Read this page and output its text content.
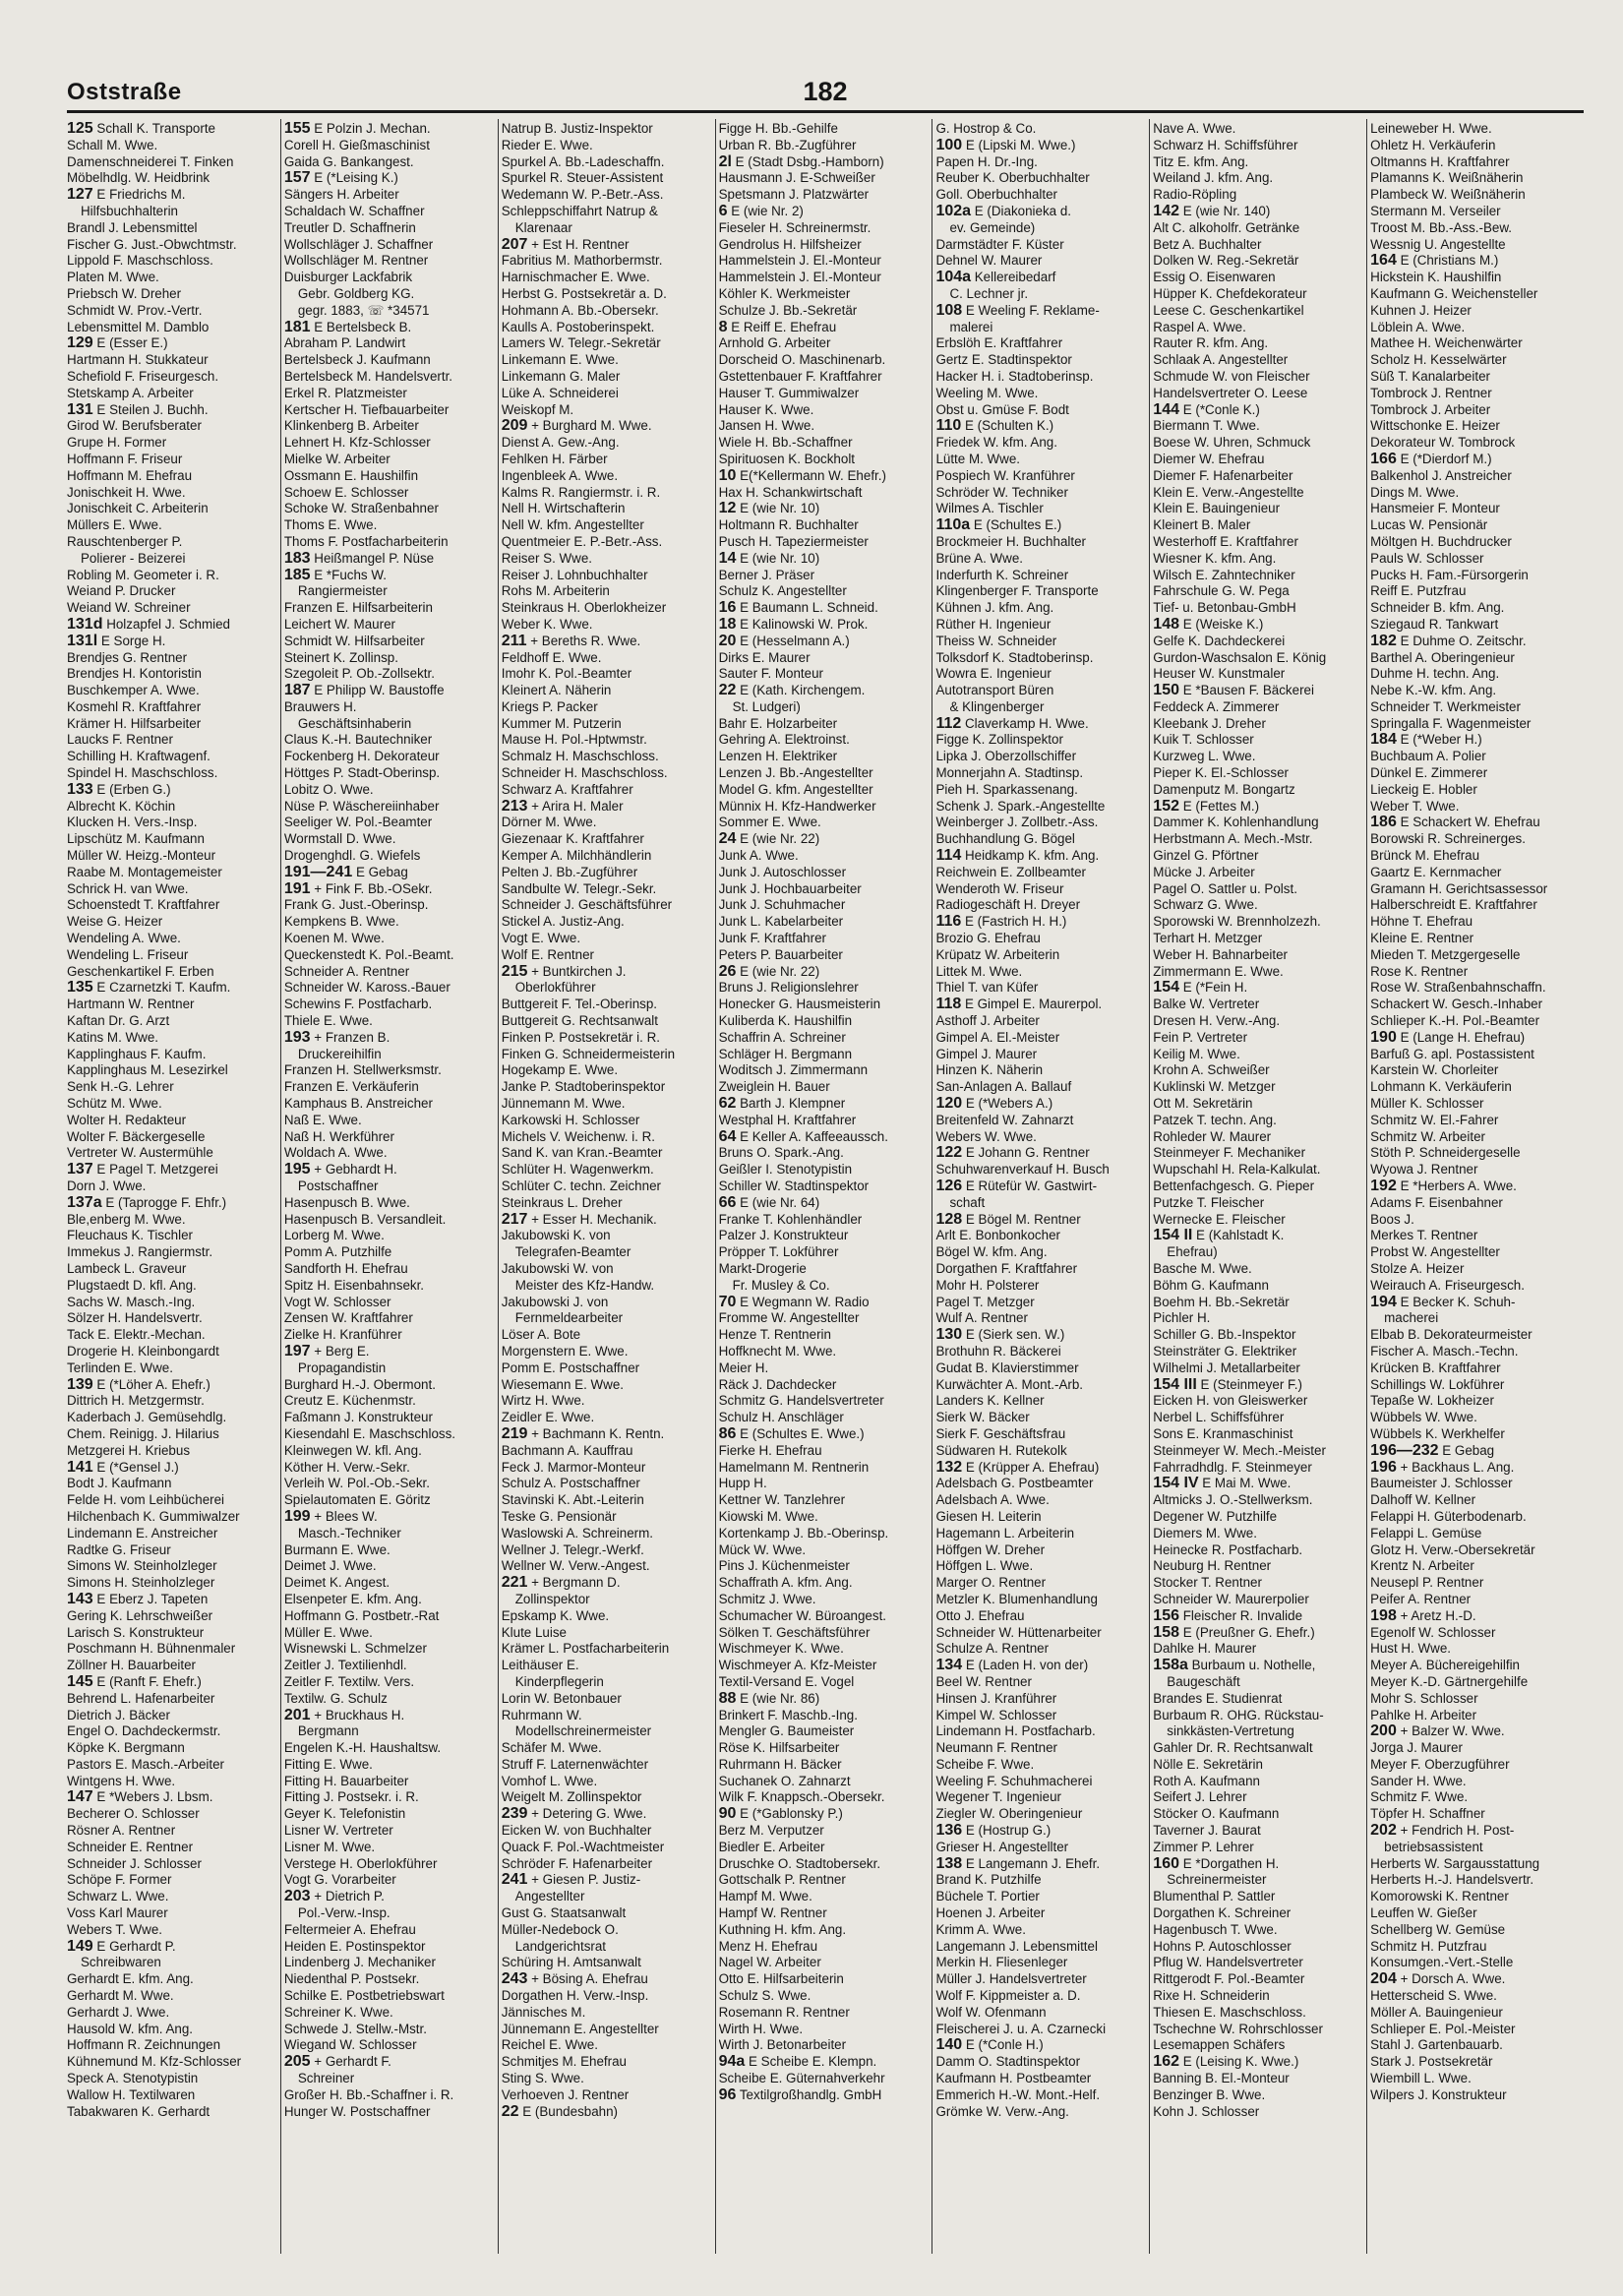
Oststraße	182
125 Schall K. Transporte
Schall M. Wwe.
Damenschneiderei T. Finken
Möbelhdlg. W. Heidbrink
127 E Friedrichs M.
Hilfsbuchhalterin
Brandl J. Lebensmittel
Fischer G. Just.-Obwchtmstr.
Lippold F. Maschschloss.
Platen M. Wwe.
Priebsch W. Dreher
Schmidt W. Prov.-Vertr.
Lebensmittel M. Damblo
129 E (Esser E.)
Hartmann H. Stukkateur
Schefiold F. Friseurgesch.
Stetskamp A. Arbeiter
131 E Steilen J. Buchh.
Girod W. Berufsberater
Grupe H. Former
Hoffmann F. Friseur
Hoffmann M. Ehefrau
Jonischkeit H. Wwe.
Jonischkeit C. Arbeiterin
Müllers E. Wwe.
Rauschtenberger P.
Polierer - Beizerei
Robling M. Geometer i. R.
Weiand P. Drucker
Weiand W. Schreiner
131d Holzapfel J. Schmied
131l E Sorge H.
Brendjes G. Rentner
Brendjes H. Kontoristin
Buschkemper A. Wwe.
Kosmehl R. Kraftfahrer
Krämer H. Hilfsarbeiter
Laucks F. Rentner
Schilling H. Kraftwagenf.
Spindel H. Maschschloss.
133 E (Erben G.)
Albrecht K. Köchin
Klucken H. Vers.-Insp.
Lipschütz M. Kaufmann
Müller W. Heizg.-Monteur
Raabe M. Montagemeister
Schrick H. van Wwe.
Schoenstedt T. Kraftfahrer
Weise G. Heizer
Wendeling A. Wwe.
Wendeling L. Friseur
Geschenkartikel F. Erben
135 E Czarnetzki T. Kaufm.
Hartmann W. Rentner
Kaftan Dr. G. Arzt
Katins M. Wwe.
Kapplinghaus F. Kaufm.
Kapplinghaus M. Lesezirkel
Senk H.-G. Lehrer
Schütz M. Wwe.
Wolter H. Redakteur
Wolter F. Bäckergeselle
Vertreter W. Austermühle
137 E Pagel T. Metzgerei
Dorn J. Wwe.
137a E (Taprogge F. Ehfr.)
Ble,enberg M. Wwe.
Fleuchaus K. Tischler
Immekus J. Rangiermstr.
Lambeck L. Graveur
Plugstaedt D. kfl. Ang.
Sachs W. Masch.-Ing.
Sölzer H. Handelsvertr.
Tack E. Elektr.-Mechan.
Drogerie H. Kleinbongardt
Terlinden E. Wwe.
139 E (*Löher A. Ehefr.)
Dittrich H. Metzgermstr.
Kaderbach J. Gemüsehdlg.
Chem. Reinigg. J. Hilarius
Metzgerei H. Kriebus
141 E (*Gensel J.)
Bodt J. Kaufmann
Felde H. vom Leihbücherei
Hilchenbach K. Gummiwalzer
Lindemann E. Anstreicher
Radtke G. Friseur
Simons W. Steinholzleger
Simons H. Steinholzleger
143 E Eberz J. Tapeten
Gering K. Lehrschweißer
Larisch S. Konstrukteur
Poschmann H. Bühnenmaler
Zöllner H. Bauarbeiter
145 E (Ranft F. Ehefr.)
Behrend L. Hafenarbeiter
Dietrich J. Bäcker
Engel O. Dachdeckermstr.
Köpke K. Bergmann
Pastors E. Masch.-Arbeiter
Wintgens H. Wwe.
147 E *Webers J. Lbsm.
Becherer O. Schlosser
Rösner A. Rentner
Schneider E. Rentner
Schneider J. Schlosser
Schöpe F. Former
Schwarz L. Wwe.
Voss Karl Maurer
Webers T. Wwe.
149 E Gerhardt P.
Schreibwaren
Gerhardt E. kfm. Ang.
Gerhardt M. Wwe.
Gerhardt J. Wwe.
Hausold W. kfm. Ang.
Hoffmann R. Zeichnungen
Kühnemund M. Kfz-Schlosser
Speck A. Stenotypistin
Wallow H. Textilwaren
Tabakwaren K. Gerhardt
155 E Polzin J. Mechan.
Corell H. Gießmaschinist
Gaida G. Bankangest.
157 E (*Leising K.)
Sängers H. Arbeiter
Schaldach W. Schaffner
Treutler D. Schaffnerin
Wollschläger J. Schaffner
Wollschläger M. Rentner
Duisburger Lackfabrik
Gebr. Goldberg KG.
gegr. 1883, ☏ *34571
181 E Bertelsbeck B.
Abraham P. Landwirt
Bertelsbeck J. Kaufmann
Bertelsbeck M. Handelsvertr.
Erkel R. Platzmeister
Kertscher H. Tiefbauarbeiter
Klinkenberg B. Arbeiter
Lehnert H. Kfz-Schlosser
Mielke W. Arbeiter
Ossmann E. Haushilfin
Schoew E. Schlosser
Schoke W. Straßenbahner
Thoms E. Wwe.
Thoms F. Postfacharbeiterin
183 Heißmangel P. Nüse
185 E *Fuchs W.
Rangiermeister
Franzen E. Hilfsarbeiterin
Leichert W. Maurer
Schmidt W. Hilfsarbeiter
Steinert K. Zollinsp.
Szegoleit P. Ob.-Zollsektr.
187 E Philipp W. Baustoffe
Brauwers H.
Geschäftsinhaberin
Claus K.-H. Bautechniker
Fockenberg H. Dekorateur
Höttges P. Stadt-Oberinsp.
Lobitz O. Wwe.
Nüse P. Wäschereiinhaber
Seeliger W. Pol.-Beamter
Wormstall D. Wwe.
Drogenghdl. G. Wiefels
191—241 E Gebag
191 + Fink F. Bb.-OSekr.
Frank G. Just.-Oberinsp.
Kempkens B. Wwe.
Koenen M. Wwe.
Queckenstedt K. Pol.-Beamt.
Schneider A. Rentner
Schneider W. Kaross.-Bauer
Schewins F. Postfacharb.
Thiele E. Wwe.
193 + Franzen B.
Druckereihilfin
Franzen H. Stellwerksmstr.
Franzen E. Verkäuferin
Kamphaus B. Anstreicher
Naß E. Wwe.
Naß H. Werkführer
Woldach A. Wwe.
195 + Gebhardt H.
Postschaffner
Hasenpusch B. Wwe.
Hasenpusch B. Versandleit.
Lorberg M. Wwe.
Pomm A. Putzhilfe
Sandforth H. Ehefrau
Spitz H. Eisenbahnsekr.
Vogt W. Schlosser
Zensen W. Kraftfahrer
Zielke H. Kranführer
197 + Berg E.
Propagandistin
Burghard H.-J. Obermont.
Creutz E. Küchenmstr.
Faßmann J. Konstrukteur
Kiesendahl E. Maschschloss.
Kleinwegen W. kfl. Ang.
Köther H. Verw.-Sekr.
Verleih W. Pol.-Ob.-Sekr.
Spielautomaten E. Göritz
199 + Blees W.
Masch.-Techniker
Burmann E. Wwe.
Deimet J. Wwe.
Deimet K. Angest.
Elsenpeter E. kfm. Ang.
Hoffmann G. Postbetr.-Rat
Müller E. Wwe.
Wisnewski L. Schmelzer
Zeitler J. Textilienhdl.
Zeitler F. Textilw. Vers.
Textilw. G. Schulz
201 + Bruckhaus H.
Bergmann
Engelen K.-H. Haushaltsw.
Fitting E. Wwe.
Fitting H. Bauarbeiter
Fitting J. Postsekr. i. R.
Geyer K. Telefonistin
Lisner W. Vertreter
Lisner M. Wwe.
Verstege H. Oberlokführer
Vogt G. Vorarbeiter
203 + Dietrich P.
Pol.-Verw.-Insp.
Feltermeier A. Ehefrau
Heiden E. Postinspektor
Lindenberg J. Mechaniker
Niedenthal P. Postsekr.
Schilke E. Postbetriebswart
Schreiner K. Wwe.
Schwede J. Stellw.-Mstr.
Wiegand W. Schlosser
205 + Gerhardt F.
Schreiner
Großer H. Bb.-Schaffner i. R.
Hunger W. Postschaffner
Natrup B. Justiz-Inspektor
Rieder E. Wwe.
Spurkel A. Bb.-Ladeschaffn.
Spurkel R. Steuer-Assistent
Wedemann W. P.-Betr.-Ass.
Schleppschiffahrt Natrup &
Klarenaar
207 + Est H. Rentner
Fabritius M. Mathorbermstr.
Harnischmacher E. Wwe.
Herbst G. Postsekretär a. D.
Hohmann A. Bb.-Obersekr.
Kaulls A. Postoberinspekt.
Lamers W. Telegr.-Sekretär
Linkemann E. Wwe.
Linkemann G. Maler
Lüke A. Schneiderei
Weiskopf M.
209 + Burghard M. Wwe.
Dienst A. Gew.-Ang.
Fehlken H. Färber
Ingenbleek A. Wwe.
Kalms R. Rangiermstr. i. R.
Nell H. Wirtschafterin
Nell W. kfm. Angestellter
Quentmeier E. P.-Betr.-Ass.
Reiser S. Wwe.
Reiser J. Lohnbuchhalter
Rohs M. Arbeiterin
Steinkraus H. Oberlokheizer
Weber K. Wwe.
211 + Bereths R. Wwe.
Feldhoff E. Wwe.
Imohr K. Pol.-Beamter
Kleinert A. Näherin
Kriegs P. Packer
Kummer M. Putzerin
Mause H. Pol.-Hptwmstr.
Schmalz H. Maschschloss.
Schneider H. Maschschloss.
Schwarz A. Kraftfahrer
213 + Arira H. Maler
Dörner M. Wwe.
Giezenaar K. Kraftfahrer
Kemper A. Milchhändlerin
Pelten J. Bb.-Zugführer
Sandbulte W. Telegr.-Sekr.
Schneider J. Geschäftsführer
Stickel A. Justiz-Ang.
Vogt E. Wwe.
Wolf E. Rentner
215 + Buntkirchen J.
Oberlokführer
Buttgereit F. Tel.-Oberinsp.
Buttgereit G. Rechtsanwalt
Finken P. Postsekretär i. R.
Finken G. Schneidermeisterin
Hogekamp E. Wwe.
Janke P. Stadtoberinspektor
Jünnemann M. Wwe.
Karkowski H. Schlosser
Michels V. Weichenw. i. R.
Sand K. van Kran.-Beamter
Schlüter H. Wagenwerkm.
Schlüter C. techn. Zeichner
Steinkraus L. Dreher
217 + Esser H. Mechanik.
Jakubowski K. von
Telegrafen-Beamter
Jakubowski W. von
Meister des Kfz-Handw.
Jakubowski J. von
Fernmeldearbeiter
Löser A. Bote
Morgenstern E. Wwe.
Pomm E. Postschaffner
Wiesemann E. Wwe.
Wirtz H. Wwe.
Zeidler E. Wwe.
219 + Bachmann K. Rentn.
Bachmann A. Kauffrau
Feck J. Marmor-Monteur
Schulz A. Postschaffner
Stavinski K. Abt.-Leiterin
Teske G. Pensionär
Waslowski A. Schreinerm.
Wellner J. Telegr.-Werkf.
Wellner W. Verw.-Angest.
221 + Bergmann D.
Zollinspektor
Epskamp K. Wwe.
Klute Luise
Krämer L. Postfacharbeiterin
Leithäuser E.
Kinderpflegerin
Lorin W. Betonbauer
Ruhrmann W.
Modellschreinermeister
Schäfer M. Wwe.
Struff F. Laternenwächter
Vomhof L. Wwe.
Weigelt M. Zollinspektor
239 + Detering G. Wwe.
Eicken W. von Buchhalter
Quack F. Pol.-Wachtmeister
Schröder F. Hafenarbeiter
241 + Giesen P. Justiz-
Angestellter
Gust G. Staatsanwalt
Müller-Nedebock O.
Landgerichtsrat
Schüring H. Amtsanwalt
243 + Bösing A. Ehefrau
Dorgathen H. Verw.-Insp.
Jännisches M.
Jünnemann E. Angestellter
Reichel E. Wwe.
Schmitjes M. Ehefrau
Sting S. Wwe.
Verhoeven J. Rentner
22 E (Bundesbahn)
Figge H. Bb.-Gehilfe
Urban R. Bb.-Zugführer
2l E (Stadt Dsbg.-Hamborn)
Hausmann J. E-Schweißer
Spetsmann J. Platzwärter
6 E (wie Nr. 2)
Fieseler H. Schreinermstr.
Gendrolus H. Hilfsheizer
Hammelstein J. El.-Monteur
Hammelstein J. El.-Monteur
Köhler K. Werkmeister
Schulze J. Bb.-Sekretär
8 E Reiff E. Ehefrau
Arnhold G. Arbeiter
Dorscheid O. Maschinenarb.
Gstettenbauer F. Kraftfahrer
Hauser T. Gummiwalzer
Hauser K. Wwe.
Jansen H. Wwe.
Wiele H. Bb.-Schaffner
Spirituosen K. Bockholt
10 E(*Kellermann W. Ehefr.)
Hax H. Schankwirtschaft
12 E (wie Nr. 10)
Holtmann R. Buchhalter
Pusch H. Tapeziermeister
14 E (wie Nr. 10)
Berner J. Präser
Schulz K. Angestellter
16 E Baumann L. Schneid.
18 E Kalinowski W. Prok.
20 E (Hesselmann A.)
Dirks E. Maurer
Sauter F. Monteur
22 E (Kath. Kirchengem.
St. Ludgeri)
Bahr E. Holzarbeiter
Gehring A. Elektroinst.
Lenzen H. Elektriker
Lenzen J. Bb.-Angestellter
Model G. kfm. Angestellter
Münnix H. Kfz-Handwerker
Sommer E. Wwe.
24 E (wie Nr. 22)
Junk A. Wwe.
Junk J. Autoschlosser
Junk J. Hochbauarbeiter
Junk J. Schuhmacher
Junk L. Kabelarbeiter
Junk F. Kraftfahrer
Peters P. Bauarbeiter
26 E (wie Nr. 22)
Bruns J. Religionslehrer
Honecker G. Hausmeisterin
Kuliberda K. Haushilfin
Schaffrin A. Schreiner
Schläger H. Bergmann
Woditsch J. Zimmermann
Zweiglein H. Bauer
62 Barth J. Klempner
Westphal H. Kraftfahrer
64 E Keller A. Kaffeeaussch.
Bruns O. Spark.-Ang.
Geißler I. Stenotypistin
Schiller W. Stadtinspektor
66 E (wie Nr. 64)
Franke T. Kohlenhändler
Palzer J. Konstrukteur
Pröpper T. Lokführer
Markt-Drogerie
Fr. Musley & Co.
70 E Wegmann W. Radio
Fromme W. Angestellter
Henze T. Rentnerin
Hoffknecht M. Wwe.
Meier H.
Räck J. Dachdecker
Schmitz G. Handelsvertreter
Schulz H. Anschläger
86 E (Schultes E. Wwe.)
Fierke H. Ehefrau
Hamelmann M. Rentnerin
Hupp H.
Kettner W. Tanzlehrer
Kiowski M. Wwe.
Kortenkamp J. Bb.-Oberinsp.
Mück W. Wwe.
Pins J. Küchenmeister
Schaffrath A. kfm. Ang.
Schmitz J. Wwe.
Schumacher W. Büroangest.
Sölken T. Geschäftsführer
Wischmeyer K. Wwe.
Wischmeyer A. Kfz-Meister
Textil-Versand E. Vogel
88 E (wie Nr. 86)
Brinkert F. Maschb.-Ing.
Mengler G. Baumeister
Röse K. Hilfsarbeiter
Ruhrmann H. Bäcker
Suchanek O. Zahnarzt
Wilk F. Knappsch.-Obersekr.
90 E (*Gablonsky P.)
Berz M. Verputzer
Biedler E. Arbeiter
Druschke O. Stadtobersekr.
Gottschalk P. Rentner
Hampf M. Wwe.
Hampf W. Rentner
Kuthning H. kfm. Ang.
Menz H. Ehefrau
Nagel W. Arbeiter
Otto E. Hilfsarbeiterin
Schulz S. Wwe.
Rosemann R. Rentner
Wirth H. Wwe.
Wirth J. Betonarbeiter
94a E Scheibe E. Klempn.
Scheibe E. Güternahverkehr
96 Textilgroßhandlg. GmbH
G. Hostrop & Co.
100 E (Lipski M. Wwe.)
Papen H. Dr.-Ing.
Reuber K. Oberbuchhalter
Goll. Oberbuchhalter
102a E (Diakonieka d.
ev. Gemeinde)
Darmstädter F. Küster
Dehnel W. Maurer
104a Kellereibedarf
C. Lechner jr.
108 E Weeling F. Reklame-
malerei
Erbslöh E. Kraftfahrer
Gertz E. Stadtinspektor
Hacker H. i. Stadtoberinsp.
Weeling M. Wwe.
Obst u. Gmüse F. Bodt
110 E (Schulten K.)
Friedek W. kfm. Ang.
Lütte M. Wwe.
Pospiech W. Kranführer
Schröder W. Techniker
Wilmes A. Tischler
110a E (Schultes E.)
Brockmeier H. Buchhalter
Brüne A. Wwe.
Inderfurth K. Schreiner
Klingenberger F. Transporte
Kühnen J. kfm. Ang.
Rüther H. Ingenieur
Theiss W. Schneider
Tolksdorf K. Stadtoberinsp.
Wowra E. Ingenieur
Autotransport Büren
& Klingenberger
112 Claverkamp H. Wwe.
Figge K. Zollinspektor
Lipka J. Oberzollschiffer
Monnerjahn A. Stadtinsp.
Pieh H. Sparkassenang.
Schenk J. Spark.-Angestellte
Weinberger J. Zollbetr.-Ass.
Buchhandlung G. Bögel
114 Heidkamp K. kfm. Ang.
Reichwein E. Zollbeamter
Wenderoth W. Friseur
Radiogeschäft H. Dreyer
116 E (Fastrich H. H.)
Brozio G. Ehefrau
Krüpatz W. Arbeiterin
Littek M. Wwe.
Thiel T. van Küfer
118 E Gimpel E. Maurerpol.
Asthoff J. Arbeiter
Gimpel A. El.-Meister
Gimpel J. Maurer
Hinzen K. Näherin
San-Anlagen A. Ballauf
120 E (*Webers A.)
Breitenfeld W. Zahnarzt
Webers W. Wwe.
122 E Johann G. Rentner
Schuhwarenverkauf H. Busch
126 E Rütefür W. Gastwirt-
schaft
128 E Bögel M. Rentner
Arlt E. Bonbonkocher
Bögel W. kfm. Ang.
Dorgathen F. Kraftfahrer
Mohr H. Polsterer
Pagel T. Metzger
Wulf A. Rentner
130 E (Sierk sen. W.)
Brothuhn R. Bäckerei
Gudat B. Klavierstimmer
Kurwächter A. Mont.-Arb.
Landers K. Kellner
Sierk W. Bäcker
Sierk F. Geschäftsfrau
Südwaren H. Rutekolk
132 E (Krüpper A. Ehefrau)
Adelsbach G. Postbeamter
Adelsbach A. Wwe.
Giesen H. Leiterin
Hagemann L. Arbeiterin
Höffgen W. Dreher
Höffgen L. Wwe.
Marger O. Rentner
Metzler K. Blumenhandlung
Otto J. Ehefrau
Schneider W. Hüttenarbeiter
Schulze A. Rentner
134 E (Laden H. von der)
Beel W. Rentner
Hinsen J. Kranführer
Kimpel W. Schlosser
Lindemann H. Postfacharb.
Neumann F. Rentner
Scheibe F. Wwe.
Weeling F. Schuhmacherei
Wegener T. Ingenieur
Ziegler W. Oberingenieur
136 E (Hostrup G.)
Grieser H. Angestellter
138 E Langemann J. Ehefr.
Brand K. Putzhilfe
Büchele T. Portier
Hoenen J. Arbeiter
Krimm A. Wwe.
Langemann J. Lebensmittel
Merkin H. Fliesenleger
Müller J. Handelsvertreter
Wolf F. Kippmeister a. D.
Wolf W. Ofenmann
Fleischerei J. u. A. Czarnecki
140 E (*Conle H.)
Damm O. Stadtinspektor
Kaufmann H. Postbeamter
Emmerich H.-W. Mont.-Helf.
Grömke W. Verw.-Ang.
Nave A. Wwe.
Schwarz H. Schiffsführer
Titz E. kfm. Ang.
Weiland J. kfm. Ang.
Radio-Röpling
142 E (wie Nr. 140)
Alt C. alkoholfr. Getränke
Betz A. Buchhalter
Dolken W. Reg.-Sekretär
Essig O. Eisenwaren
Hüpper K. Chefdekorateur
Leese C. Geschenkartikel
Raspel A. Wwe.
Rauter R. kfm. Ang.
Schlaak A. Angestellter
Schmude W. von Fleischer
Handelsvertreter O. Leese
144 E (*Conle K.)
Biermann T. Wwe.
Boese W. Uhren, Schmuck
Diemer W. Ehefrau
Diemer F. Hafenarbeiter
Klein E. Verw.-Angestellte
Klein E. Bauingenieur
Kleinert B. Maler
Westerhoff E. Kraftfahrer
Wiesner K. kfm. Ang.
Wilsch E. Zahntechniker
Fahrschule G. W. Pega
Tief- u. Betonbau-GmbH
148 E (Weiske K.)
Gelfe K. Dachdeckerei
Gurdon-Waschsalon E. König
Heuser W. Kunstmaler
150 E *Bausen F. Bäckerei
Feddeck A. Zimmerer
Kleebank J. Dreher
Kuik T. Schlosser
Kurzweg L. Wwe.
Pieper K. El.-Schlosser
Damenputz M. Bongartz
152 E (Fettes M.)
Dammer K. Kohlenhandlung
Herbstmann A. Mech.-Mstr.
Ginzel G. Pförtner
Mücke J. Arbeiter
Pagel O. Sattler u. Polst.
Schwarz G. Wwe.
Sporowski W. Brennholzezh.
Terhart H. Metzger
Weber H. Bahnarbeiter
Zimmermann E. Wwe.
154 E (*Fein H.
Balke W. Vertreter
Dresen H. Verw.-Ang.
Fein P. Vertreter
Keilig M. Wwe.
Krohn A. Schweißer
Kuklinski W. Metzger
Ott M. Sekretärin
Patzek T. techn. Ang.
Rohleder W. Maurer
Steinmeyer F. Mechaniker
Wupschahl H. Rela-Kalkulat.
Bettenfachgesch. G. Pieper
Putzke T. Fleischer
Wernecke E. Fleischer
154 II E (Kahlstadt K.
Ehefrau)
Basche M. Wwe.
Böhm G. Kaufmann
Boehm H. Bb.-Sekretär
Pichler H.
Schiller G. Bb.-Inspektor
Steinsträter G. Elektriker
Wilhelmi J. Metallarbeiter
154 III E (Steinmeyer F.)
Eicken H. von Gleiswerker
Nerbel L. Schiffsführer
Sons E. Kranmaschinist
Steinmeyer W. Mech.-Meister
Fahrradhdlg. F. Steinmeyer
154 IV E Mai M. Wwe.
Altmicks J. O.-Stellwerksm.
Degener W. Putzhilfe
Diemers M. Wwe.
Heinecke R. Postfacharb.
Neuburg H. Rentner
Stocker T. Rentner
Schneider W. Maurerpolier
156 Fleischer R. Invalide
158 E (Preußner G. Ehefr.)
Dahlke H. Maurer
158a Burbaum u. Nothelle,
Baugeschäft
Brandes E. Studienrat
Burbaum R. OHG. Rückstau-
sinkkästen-Vertretung
Gahler Dr. R. Rechtsanwalt
Nölle E. Sekretärin
Roth A. Kaufmann
Seifert J. Lehrer
Stöcker O. Kaufmann
Taverner J. Baurat
Zimmer P. Lehrer
160 E *Dorgathen H.
Schreinermeister
Blumenthal P. Sattler
Dorgathen K. Schreiner
Hagenbusch T. Wwe.
Hohns P. Autoschlosser
Pflug W. Handelsvertreter
Rittgerodt F. Pol.-Beamter
Rixe H. Schneiderin
Thiesen E. Maschschloss.
Tschechne W. Rohrschlosser
Lesemappen Schäfers
162 E (Leising K. Wwe.)
Banning B. El.-Monteur
Benzinger B. Wwe.
Kohn J. Schlosser
Leineweber H. Wwe.
Ohletz H. Verkäuferin
Oltmanns H. Kraftfahrer
Plamanns K. Weißnäherin
Plambeck W. Weißnäherin
Stermann M. Verseiler
Troost M. Bb.-Ass.-Bew.
Wessnig U. Angestellte
164 E (Christians M.)
Hickstein K. Haushilfin
Kaufmann G. Weichensteller
Kuhnen J. Heizer
Löblein A. Wwe.
Mathee H. Weichenwärter
Scholz H. Kesselwärter
Süß T. Kanalarbeiter
Tombrock J. Rentner
Tombrock J. Arbeiter
Wittschonke E. Heizer
Dekorateur W. Tombrock
166 E (*Dierdorf M.)
Balkenhol J. Anstreicher
Dings M. Wwe.
Hansmeier F. Monteur
Lucas W. Pensionär
Möltgen H. Buchdrucker
Pauls W. Schlosser
Pucks H. Fam.-Fürsorgerin
Reiff E. Putzfrau
Schneider B. kfm. Ang.
Sziegaud R. Tankwart
182 E Duhme O. Zeitschr.
Barthel A. Oberingenieur
Duhme H. techn. Ang.
Nebe K.-W. kfm. Ang.
Schneider T. Werkmeister
Springalla F. Wagenmeister
184 E (*Weber H.)
Buchbaum A. Polier
Dünkel E. Zimmerer
Lieckeig E. Hobler
Weber T. Wwe.
186 E Schackert W. Ehefrau
Borowski R. Schreinerges.
Brünck M. Ehefrau
Gaartz E. Kernmacher
Gramann H. Gerichtsassessor
Halberschreidt E. Kraftfahrer
Höhne T. Ehefrau
Kleine E. Rentner
Mieden T. Metzgergeselle
Rose K. Rentner
Rose W. Straßenbahnschaffn.
Schackert W. Gesch.-Inhaber
Schlieper K.-H. Pol.-Beamter
190 E (Lange H. Ehefrau)
Barfuß G. apl. Postassistent
Karstein W. Chorleiter
Lohmann K. Verkäuferin
Müller K. Schlosser
Schmitz W. El.-Fahrer
Schmitz W. Arbeiter
Stöth P. Schneidergeselle
Wyowa J. Rentner
192 E *Herbers A. Wwe.
Adams F. Eisenbahner
Boos J.
Merkes T. Rentner
Probst W. Angestellter
Stolze A. Heizer
Weirauch A. Friseurgesch.
194 E Becker K. Schuh-
macherei
Elbab B. Dekorateurmeister
Fischer A. Masch.-Techn.
Krücken B. Kraftfahrer
Schillings W. Lokführer
Tepaße W. Lokheizer
Wübbels W. Wwe.
Wübbels K. Werkhelfer
196—232 E Gebag
196 + Backhaus L. Ang.
Baumeister J. Schlosser
Dalhoff W. Kellner
Felappi H. Güterbodenarb.
Felappi L. Gemüse
Glotz H. Verw.-Obersekretär
Krentz N. Arbeiter
Neusepl P. Rentner
Peifer A. Rentner
198 + Aretz H.-D.
Egenolf W. Schlosser
Hust H. Wwe.
Meyer A. Büchereigehilfin
Meyer K.-D. Gärtnergehilfe
Mohr S. Schlosser
Pahlke H. Arbeiter
200 + Balzer W. Wwe.
Jorga J. Maurer
Meyer F. Oberzugführer
Sander H. Wwe.
Schmitz F. Wwe.
Töpfer H. Schaffner
202 + Fendrich H. Post-
betriebsassistent
Herberts W. Sargausstattung
Herberts H.-J. Handelsvertr.
Komorowski K. Rentner
Leuffen W. Gießer
Schellberg W. Gemüse
Schmitz H. Putzfrau
Konsumgen.-Vert.-Stelle
204 + Dorsch A. Wwe.
Hetterscheid S. Wwe.
Möller A. Bauingenieur
Schlieper E. Pol.-Meister
Stahl J. Gartenbauarb.
Stark J. Postsekretär
Wiembill L. Wwe.
Wilpers J. Konstrukteur
